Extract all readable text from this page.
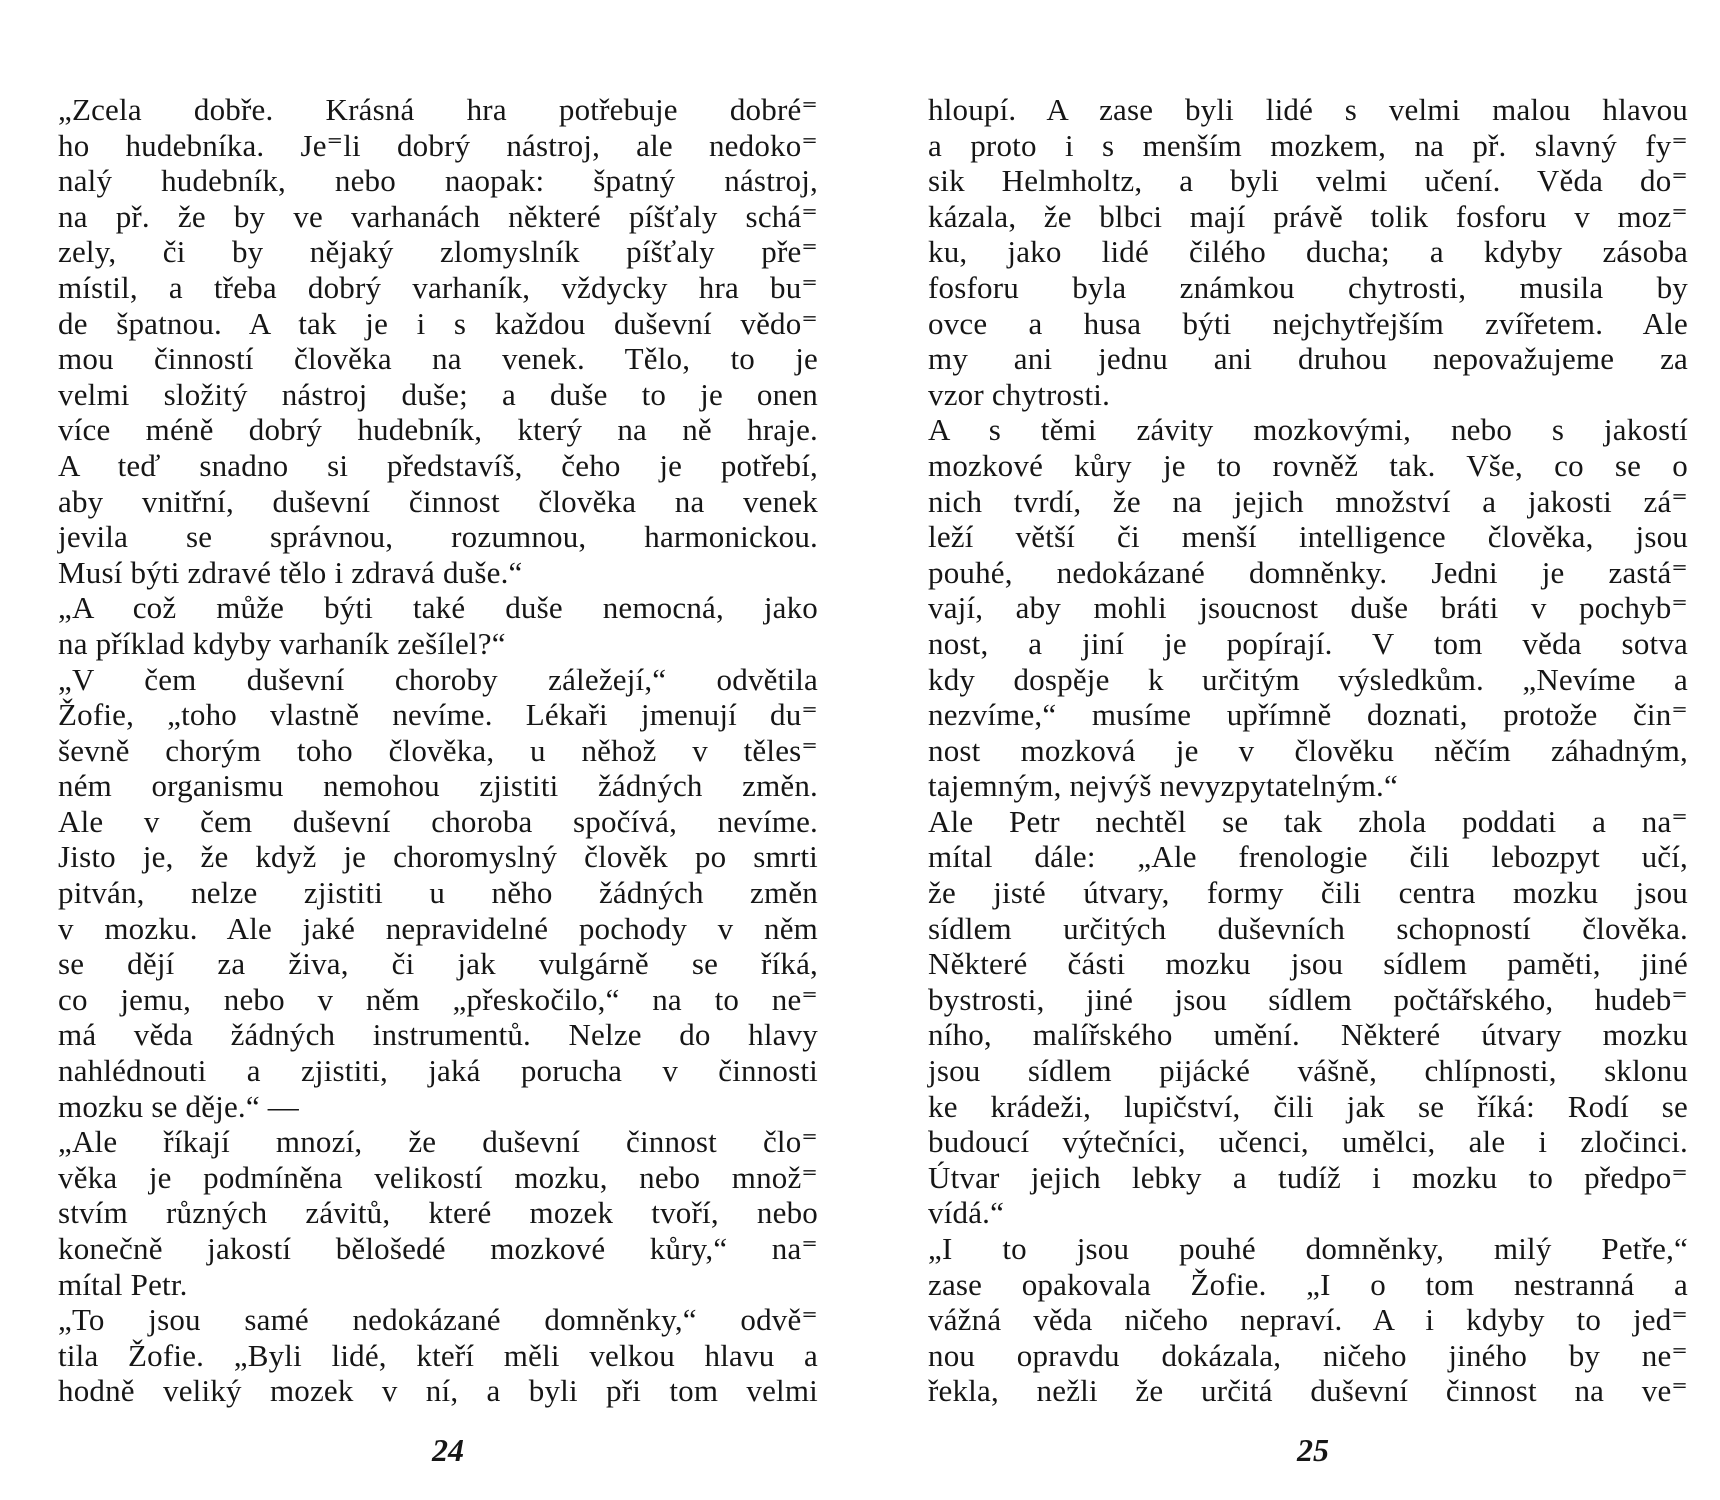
„Zcela dobře. Krásná hra potřebuje dobré⁼
ho hudebníka. Je⁼li dobrý nástroj, ale nedoko⁼
nalý hudebník, nebo naopak: špatný nástroj,
na př. že by ve varhanách některé píšťaly schá⁼
zely, či by nějaký zlomyslník píšťaly pře⁼
místil, a třeba dobrý varhaník, vždycky hra bu⁼
de špatnou. A tak je i s každou duševní vědo⁼
mou činností člověka na venek. Tělo, to je
velmi složitý nástroj duše; a duše to je onen
více méně dobrý hudebník, který na ně hraje.
A teď snadno si představíš, čeho je potřebí,
aby vnitřní, duševní činnost člověka na venek
jevila se správnou, rozumnou, harmonickou.
Musí býti zdravé tělo i zdravá duše.“
„A což může býti také duše nemocná, jako
na příklad kdyby varhaník zešílel?“
„V čem duševní choroby záležejí,“ odvětila
Žofie, „toho vlastně nevíme. Lékaři jmenují du⁼
ševně chorým toho člověka, u něhož v těles⁼
ném organismu nemohou zjistiti žádných změn.
Ale v čem duševní choroba spočívá, nevíme.
Jisto je, že když je choromyslný člověk po smrti
pitván, nelze zjistiti u něho žádných změn
v mozku. Ale jaké nepravidelné pochody v něm
se dějí za živa, či jak vulgárně se říká,
co jemu, nebo v něm „přeskočilo,“ na to ne⁼
má věda žádných instrumentů. Nelze do hlavy
nahlédnouti a zjistiti, jaká porucha v činnosti
mozku se děje.“ —
„Ale říkají mnozí, že duševní činnost člo⁼
věka je podmíněna velikostí mozku, nebo množ⁼
stvím různých závitů, které mozek tvoří, nebo
konečně jakostí bělošedé mozkové kůry,“ na⁼
mítal Petr.
„To jsou samé nedokázané domněnky,“ odvě⁼
tila Žofie. „Byli lidé, kteří měli velkou hlavu a
hodně veliký mozek v ní, a byli při tom velmi
hloupí. A zase byli lidé s velmi malou hlavou
a proto i s menším mozkem, na př. slavný fy⁼
sik Helmholtz, a byli velmi učení. Věda do⁼
kázala, že blbci mají právě tolik fosforu v moz⁼
ku, jako lidé čilého ducha; a kdyby zásoba
fosforu byla známkou chytrosti, musila by
ovce a husa býti nejchytřejším zvířetem. Ale
my ani jednu ani druhou nepovažujeme za
vzor chytrosti.
A s těmi závity mozkovými, nebo s jakostí
mozkové kůry je to rovněž tak. Vše, co se o
nich tvrdí, že na jejich množství a jakosti zá⁼
leží větší či menší intelligence člověka, jsou
pouhé, nedokázané domněnky. Jedni je zastá⁼
vají, aby mohli jsoucnost duše bráti v pochyb⁼
nost, a jiní je popírají. V tom věda sotva
kdy dospěje k určitým výsledkům. „Nevíme a
nezvíme,“ musíme upřímně doznati, protože čin⁼
nost mozková je v člověku něčím záhadným,
tajemným, nejvýš nevyzpytatelným.“
Ale Petr nechtěl se tak zhola poddati a na⁼
mítal dále: „Ale frenologie čili lebozpyt učí,
že jisté útvary, formy čili centra mozku jsou
sídlem určitých duševních schopností člověka.
Některé části mozku jsou sídlem paměti, jiné
bystrosti, jiné jsou sídlem počtářského, hudeb⁼
ního, malířského umění. Některé útvary mozku
jsou sídlem pijácké vášně, chlípnosti, sklonu
ke krádeži, lupičství, čili jak se říká: Rodí se
budoucí výtečníci, učenci, umělci, ale i zločinci.
Útvar jejich lebky a tudíž i mozku to předpo⁼
vídá.“
„I to jsou pouhé domněnky, milý Petře,“
zase opakovala Žofie. „I o tom nestranná a
vážná věda ničeho nepraví. A i kdyby to jed⁼
nou opravdu dokázala, ničeho jiného by ne⁼
řekla, nežli že určitá duševní činnost na ve⁼
24	25
